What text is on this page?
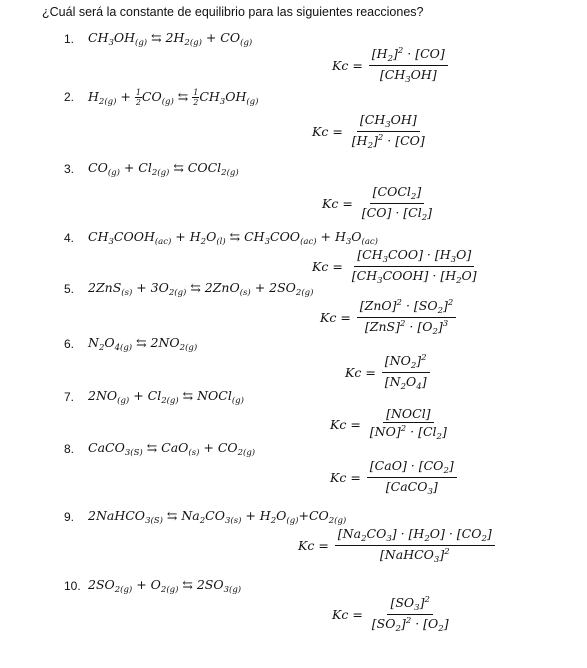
¿Cuál será la constante de equilibrio para las siguientes reacciones?
1. $CH_3OH_{(g)}$ ⇆ $2H_{2(g)} + CO_{(g)}$
$Kc = \frac{[H_2]^2 \cdot [CO]}{[CH_3OH]}$
2. $H_{2(g)} + \frac{1}{2} CO_{(g)}$ ⇆ $\frac{1}{2} CH_3OH_{(g)}$
$Kc = \frac{[CH_3OH]}{[H_2]^2 \cdot [CO]}$
3. $CO_{(g)} + Cl_{2(g)}$ ⇆ COCl$_{2(g)}$
Kc =
[COCl$_2$]
$[CO] \cdot [Cl_2]$
4. $CH_3COOH_{(ac)} + H_2O_{(l)}$ ⇆ $CH_3COO_{(ac)} + H_3O_{(ac)}$
Kc =
$[CH_3COO] \cdot [H_3O]$
$[CH_3COOH] \cdot [H_2O]$
5. $2ZnS_{(s)} + 3O_{2(g)}$ ⇆ $2ZnO_{(s)} + 2SO_{2(g)}$
Kc =
$[ZnO]^2 \cdot [SO_2]^2$
$[ZnS]^2 \cdot [O_2]^3$
6. $N_2O_{4(g)}$ ⇆ $2NO_{2(g)}$
$Kc = \frac{[NO_2]^2}{[N_2O_4]}$
7. $2NO_{(g)} + Cl_{2(g)}$ ⇆ NOCl$_{(g)}$
Kc =
[NOCl]
$[NO]^2 \cdot [Cl_2]$
8. CaCO$_{3(S)}$ ⇆ $CaO_{(s)} + CO_{2(g)}$
Kc =
$[CaO] \cdot [CO_2]$
[CaCO$_3$]
9. 2NaHCO$_{3(S)}$ ⇆ $Na_2CO_{3(s)} + H_2O_{(g)}+CO_{2(g)}$
Kc =
$[Na_2CO_3] \cdot [H_2O] \cdot [CO_2]$
[NaHCO$_3$]$^2$
10. $2SO_{2(g)} + O_{2(g)}$ ⇆ $2SO_{3(g)}$
$Kc = \frac{[SO_3]^2}{[SO_2]^2 \cdot [O_2]}$
